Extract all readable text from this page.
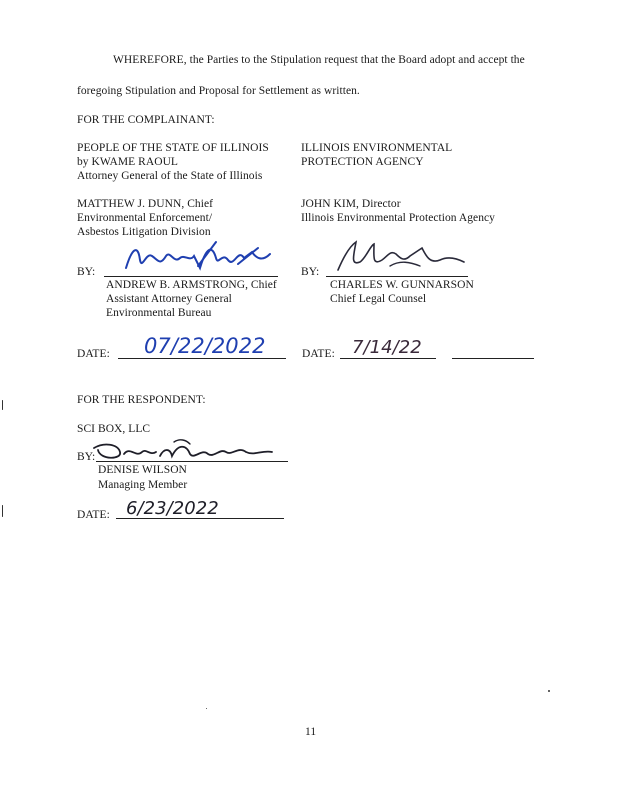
WHEREFORE, the Parties to the Stipulation request that the Board adopt and accept the
foregoing Stipulation and Proposal for Settlement as written.
FOR THE COMPLAINANT:
PEOPLE OF THE STATE OF ILLINOIS
by KWAME RAOUL
Attorney General of the State of Illinois
MATTHEW J. DUNN, Chief
Environmental Enforcement/
Asbestos Litigation Division
ILLINOIS ENVIRONMENTAL
PROTECTION AGENCY
JOHN KIM, Director
Illinois Environmental Protection Agency
BY:
ANDREW B. ARMSTRONG, Chief
Assistant Attorney General
Environmental Bureau
BY:
CHARLES W. GUNNARSON
Chief Legal Counsel
DATE: 07/22/2022	DATE: 7/14/22
FOR THE RESPONDENT:
SCI BOX, LLC
BY:
DENISE WILSON
Managing Member
DATE: 6/23/2022
11
